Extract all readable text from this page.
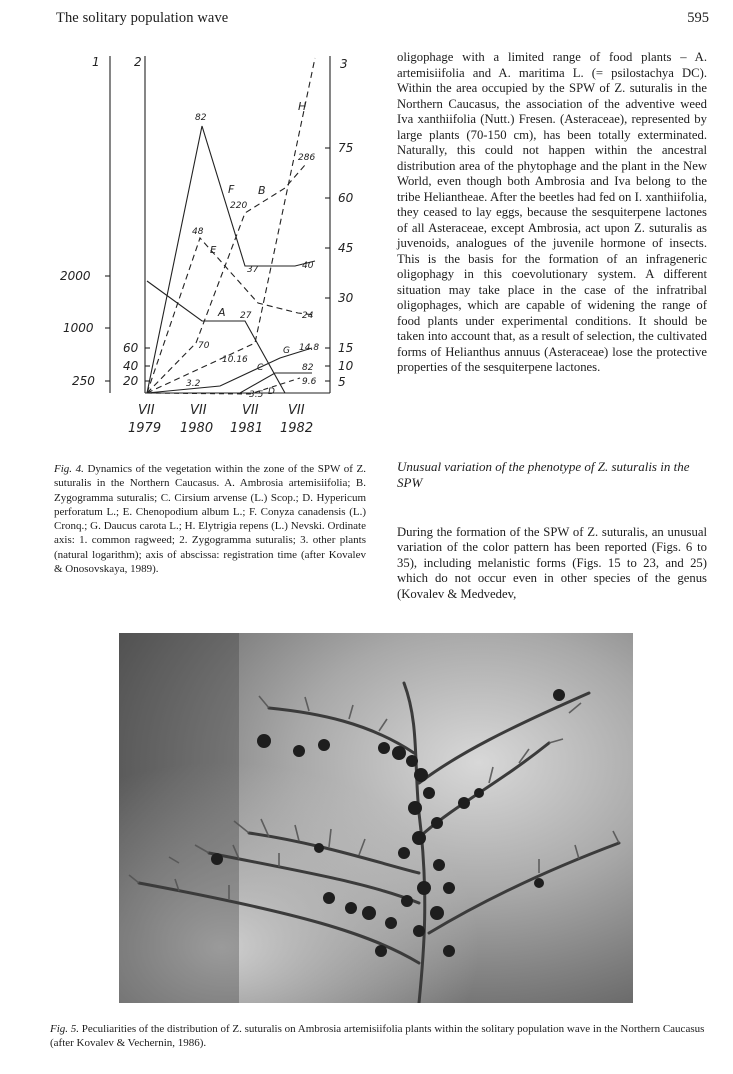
The solitary population wave	595
1	2	3
2000
1000
250
60
40
20
75
60
45
30
15
10
5
A
B
C
D
E
F
G
H
82
286
220
48
37	40
27	24
70
10.16
14.8
82
9.6
3.2
3.5
VII	VII	VII VII
1979 1980 1981 1982
Fig. 4. Dynamics of the vegetation within the zone of the SPW of Z. suturalis in the Northern Caucasus. A. Ambrosia artemisiifolia; B. Zygogramma suturalis; C. Cirsium arvense (L.) Scop.; D. Hypericum perforatum L.; E. Chenopodium album L.; F. Conyza canadensis (L.) Cronq.; G. Daucus carota L.; H. Elytrigia repens (L.) Nevski. Ordinate axis: 1. common ragweed; 2. Zygogramma suturalis; 3. other plants (natural logarithm); axis of abscissa: registration time (after Kovalev & Onosovskaya, 1989).

oligophage with a limited range of food plants – A. artemisiifolia and A. maritima L. (= psilostachya DC). Within the area occupied by the SPW of Z. suturalis in the Northern Caucasus, the association of the adventive weed Iva xanthiifolia (Nutt.) Fresen. (Asteraceae), represented by large plants (70-150 cm), has been totally exterminated. Naturally, this could not happen within the ancestral distribution area of the phytophage and the plant in the New World, even though both Ambrosia and Iva belong to the tribe Heliantheae. After the beetles had fed on I. xanthiifolia, they ceased to lay eggs, because the sesquiterpene lactones of all Asteraceae, except Ambrosia, act upon Z. suturalis as juvenoids, analogues of the juvenile hormone of insects. This is the basis for the formation of an infrageneric oligophagy in this coevolutionary system. A different situation may take place in the case of the infratribal oligophages, which are capable of widening the range of food plants under experimental conditions. It should be taken into account that, as a result of selection, the cultivated forms of Helianthus annuus (Asteraceae) lose the protective properties of the sesquiterpene lactones.

Unusual variation of the phenotype of Z. suturalis in the SPW

During the formation of the SPW of Z. suturalis, an unusual variation of the color pattern has been reported (Figs. 6 to 35), including melanistic forms (Figs. 15 to 23, and 25) which do not occur even in other species of the genus (Kovalev & Medvedev,

Fig. 5. Peculiarities of the distribution of Z. suturalis on Ambrosia artemisiifolia plants within the solitary population wave in the Northern Caucasus (after Kovalev & Vechernin, 1986).
